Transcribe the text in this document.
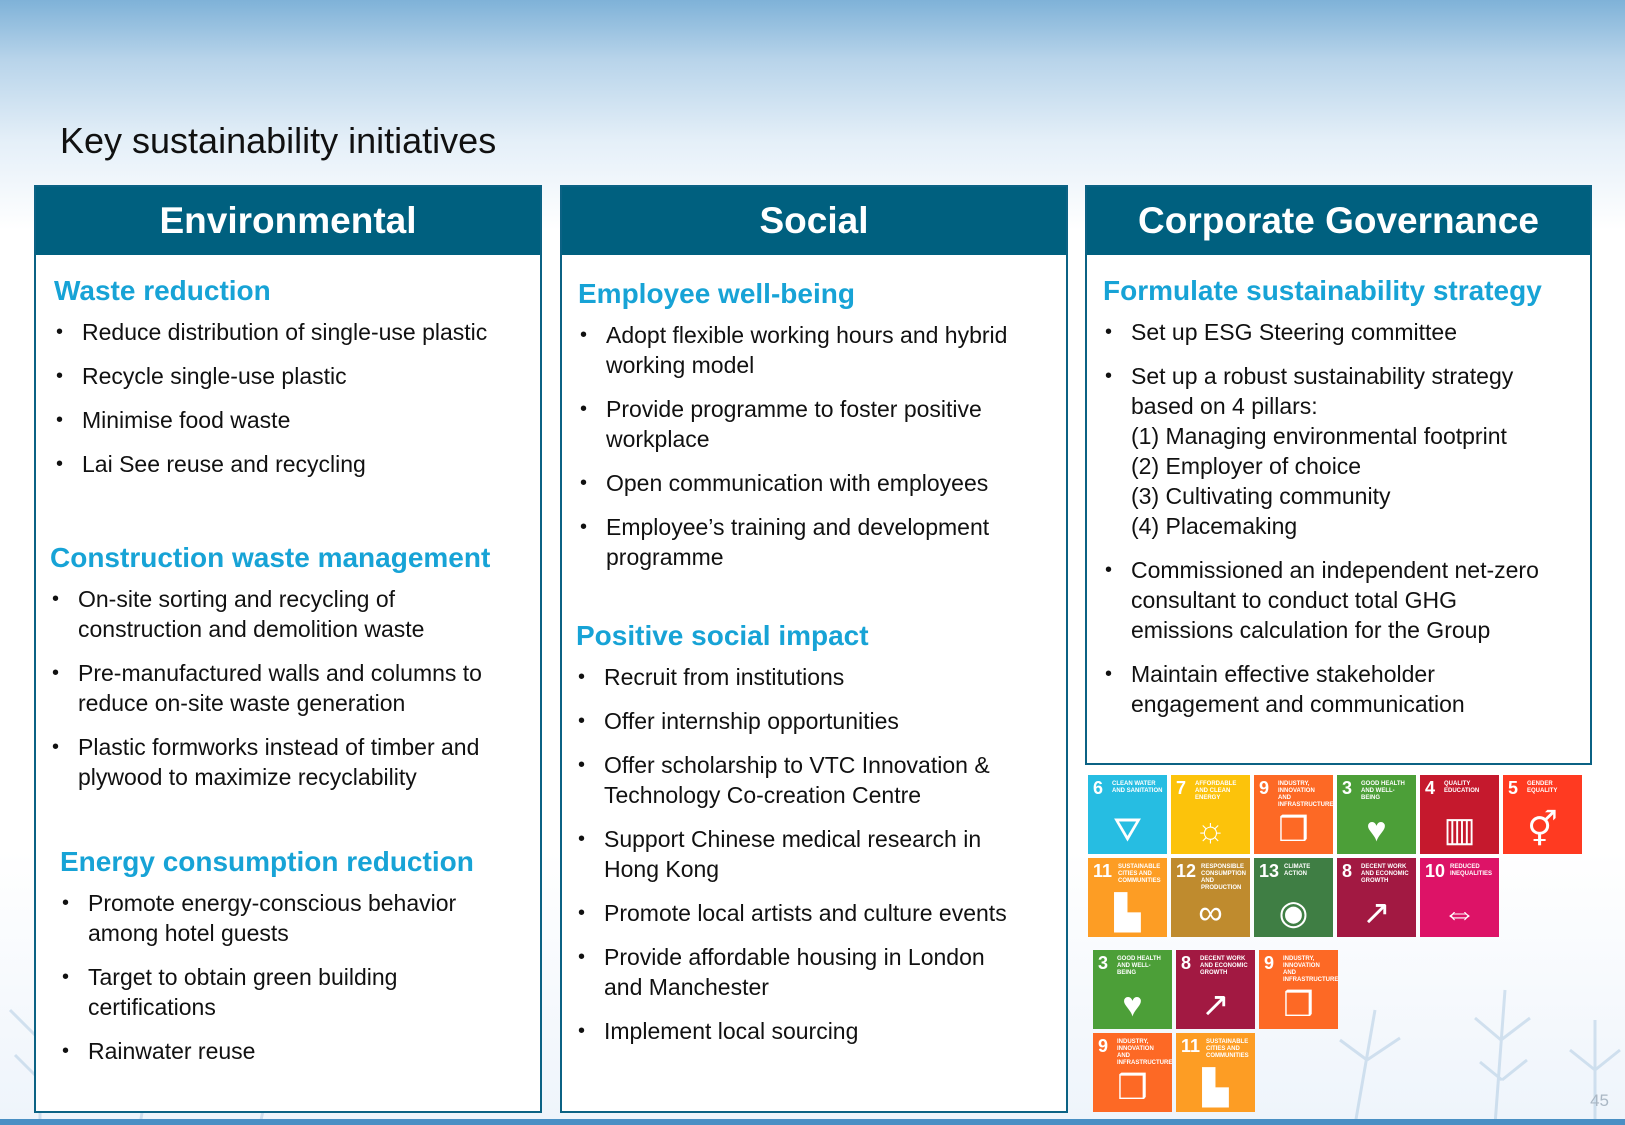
Key sustainability initiatives
Environmental
Waste reduction
• Reduce distribution of single-use plastic
• Recycle single-use plastic
• Minimise food waste
• Lai See reuse and recycling
Construction waste management
• On-site sorting and recycling of
construction and demolition waste
• Pre-manufactured walls and columns to
reduce on-site waste generation
• Plastic formworks instead of timber and
plywood to maximize recyclability
Energy consumption reduction
• Promote energy-conscious behavior
among hotel guests
• Target to obtain green building
certifications
• Rainwater reuse
Social
Employee well-being
• Adopt flexible working hours and hybrid
working model
• Provide programme to foster positive
workplace
• Open communication with employees
• Employee’s training and development
programme
Positive social impact
• Recruit from institutions
• Offer internship opportunities
• Offer scholarship to VTC Innovation &
Technology Co-creation Centre
• Support Chinese medical research in
Hong Kong
• Promote local artists and culture events
• Provide affordable housing in London
and Manchester
• Implement local sourcing
Corporate Governance
Formulate sustainability strategy
• Set up ESG Steering committee
• Set up a robust sustainability strategy
based on 4 pillars:
(1) Managing environmental footprint
(2) Employer of choice
(3) Cultivating community
(4) Placemaking
• Commissioned an independent net-zero
consultant to conduct total GHG
emissions calculation for the Group
• Maintain effective stakeholder
engagement and communication
6 CLEAN WATER AND SANITATION
⛛
7 AFFORDABLE AND CLEAN ENERGY
☼
9 INDUSTRY, INNOVATION AND INFRASTRUCTURE
❒
3 GOOD HEALTH AND WELL-BEING
♥
4 QUALITY EDUCATION
▥
5 GENDER EQUALITY
⚥
11 SUSTAINABLE CITIES AND COMMUNITIES
▙
12 RESPONSIBLE CONSUMPTION AND PRODUCTION
∞
13 CLIMATE ACTION
◉
8 DECENT WORK AND ECONOMIC GROWTH
↗
10 REDUCED INEQUALITIES
⇔
3 GOOD HEALTH AND WELL-BEING
♥
8 DECENT WORK AND ECONOMIC GROWTH
↗
9 INDUSTRY, INNOVATION AND INFRASTRUCTURE
❒
9 INDUSTRY, INNOVATION AND INFRASTRUCTURE
❒
11 SUSTAINABLE CITIES AND COMMUNITIES
▙	45
